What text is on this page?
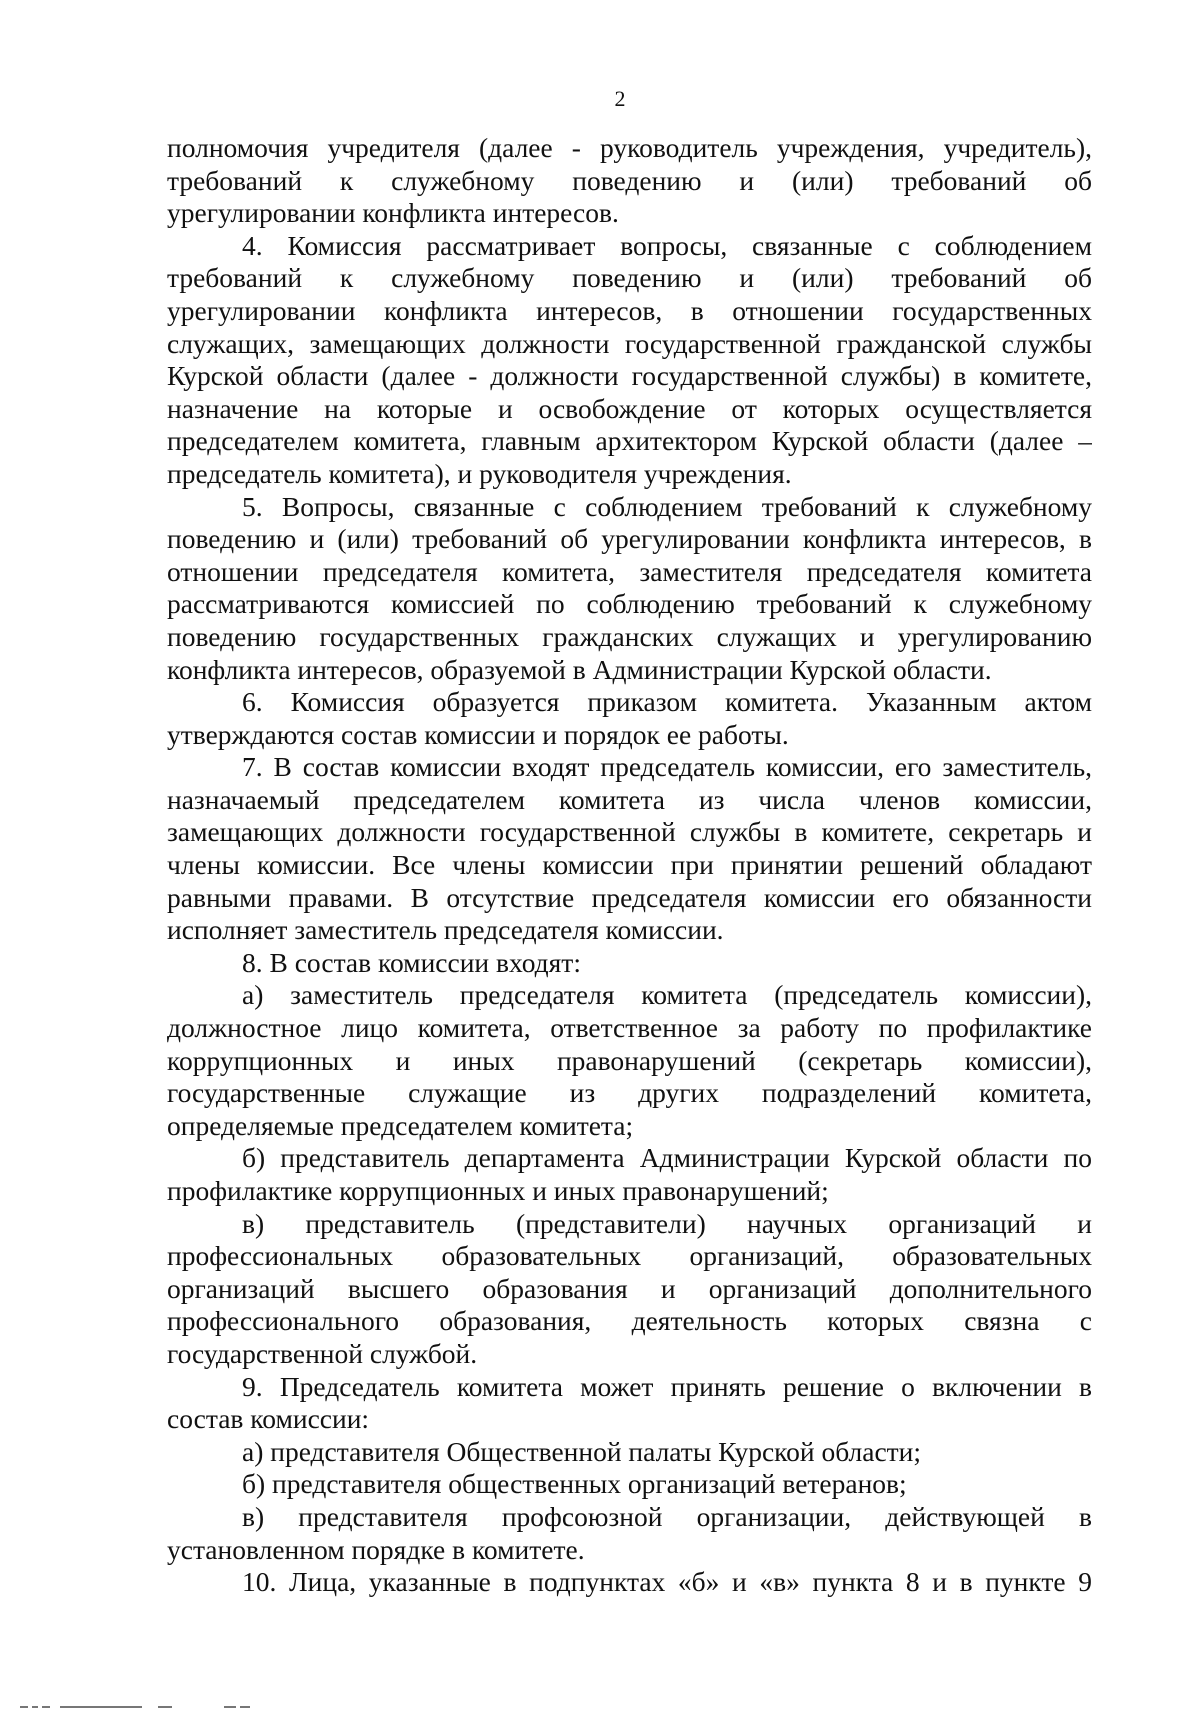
2
полномочия учредителя (далее - руководитель учреждения, учредитель),
требований к служебному поведению и (или) требований об
урегулировании конфликта интересов.
4. Комиссия рассматривает вопросы, связанные с соблюдением
требований к служебному поведению и (или) требований об
урегулировании конфликта интересов, в отношении государственных
служащих, замещающих должности государственной гражданской службы
Курской области (далее - должности государственной службы) в комитете,
назначение на которые и освобождение от которых осуществляется
председателем комитета, главным архитектором Курской области (далее –
председатель комитета), и руководителя учреждения.
5. Вопросы, связанные с соблюдением требований к служебному
поведению и (или) требований об урегулировании конфликта интересов, в
отношении председателя комитета, заместителя председателя комитета
рассматриваются комиссией по соблюдению требований к служебному
поведению государственных гражданских служащих и урегулированию
конфликта интересов, образуемой в Администрации Курской области.
6. Комиссия образуется приказом комитета. Указанным актом
утверждаются состав комиссии и порядок ее работы.
7. В состав комиссии входят председатель комиссии, его заместитель,
назначаемый председателем комитета из числа членов комиссии,
замещающих должности государственной службы в комитете, секретарь и
члены комиссии. Все члены комиссии при принятии решений обладают
равными правами. В отсутствие председателя комиссии его обязанности
исполняет заместитель председателя комиссии.
8. В состав комиссии входят:
а) заместитель председателя комитета (председатель комиссии),
должностное лицо комитета, ответственное за работу по профилактике
коррупционных и иных правонарушений (секретарь комиссии),
государственные служащие из других подразделений комитета,
определяемые председателем комитета;
б) представитель департамента Администрации Курской области по
профилактике коррупционных и иных правонарушений;
в) представитель (представители) научных организаций и
профессиональных образовательных организаций, образовательных
организаций высшего образования и организаций дополнительного
профессионального образования, деятельность которых связна с
государственной службой.
9. Председатель комитета может принять решение о включении в
состав комиссии:
а) представителя Общественной палаты Курской области;
б) представителя общественных организаций ветеранов;
в) представителя профсоюзной организации, действующей в
установленном порядке в комитете.
10. Лица, указанные в подпунктах «б» и «в» пункта 8 и в пункте 9
